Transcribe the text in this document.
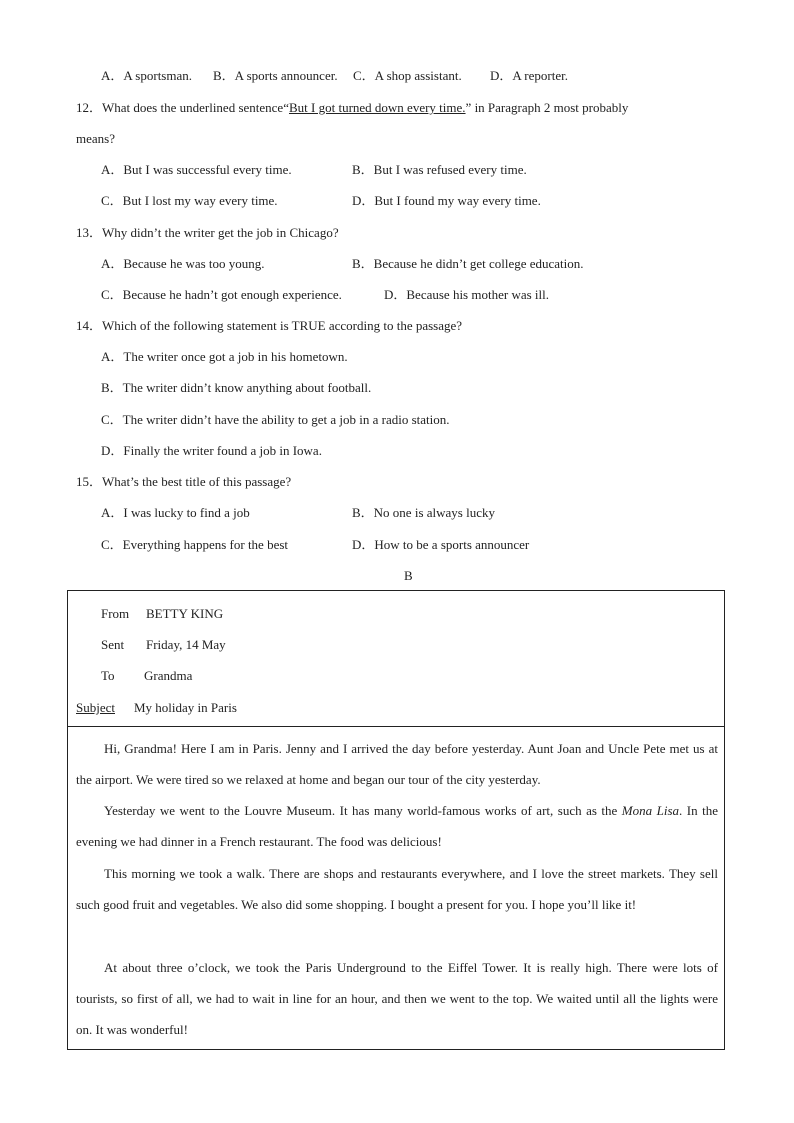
A．A sportsman. B．A sports announcer. C．A shop assistant. D．A reporter.
12．What does the underlined sentence“But I got turned down every time.” in Paragraph 2 most probably
means?
A．But I was successful every time.	B．But I was refused every time.
C．But I lost my way every time.	D．But I found my way every time.
13．Why didn’t the writer get the job in Chicago?
A．Because he was too young.	B．Because he didn’t get college education.
C．Because he hadn’t got enough experience.	D．Because his mother was ill.
14．Which of the following statement is TRUE according to the passage?
A．The writer once got a job in his hometown.
B．The writer didn’t know anything about football.
C．The writer didn’t have the ability to get a job in a radio station.
D．Finally the writer found a job in Iowa.
15．What’s the best title of this passage?
A．I was lucky to find a job	B．No one is always lucky
C．Everything happens for the best	D．How to be a sports announcer
B
From BETTY KING
Sent Friday, 14 May
To Grandma
Subject My holiday in Paris

Hi, Grandma! Here I am in Paris. Jenny and I arrived the day before yesterday. Aunt Joan and Uncle Pete met us at the airport. We were tired so we relaxed at home and began our tour of the city yesterday.

Yesterday we went to the Louvre Museum. It has many world-famous works of art, such as the Mona Lisa. In the evening we had dinner in a French restaurant. The food was delicious!

This morning we took a walk. There are shops and restaurants everywhere, and I love the street markets. They sell such good fruit and vegetables. We also did some shopping. I bought a present for you. I hope you’ll like it!

At about three o’clock, we took the Paris Underground to the Eiffel Tower. It is really high. There were lots of tourists, so first of all, we had to wait in line for an hour, and then we went to the top. We waited until all the lights were on. It was wonderful!
